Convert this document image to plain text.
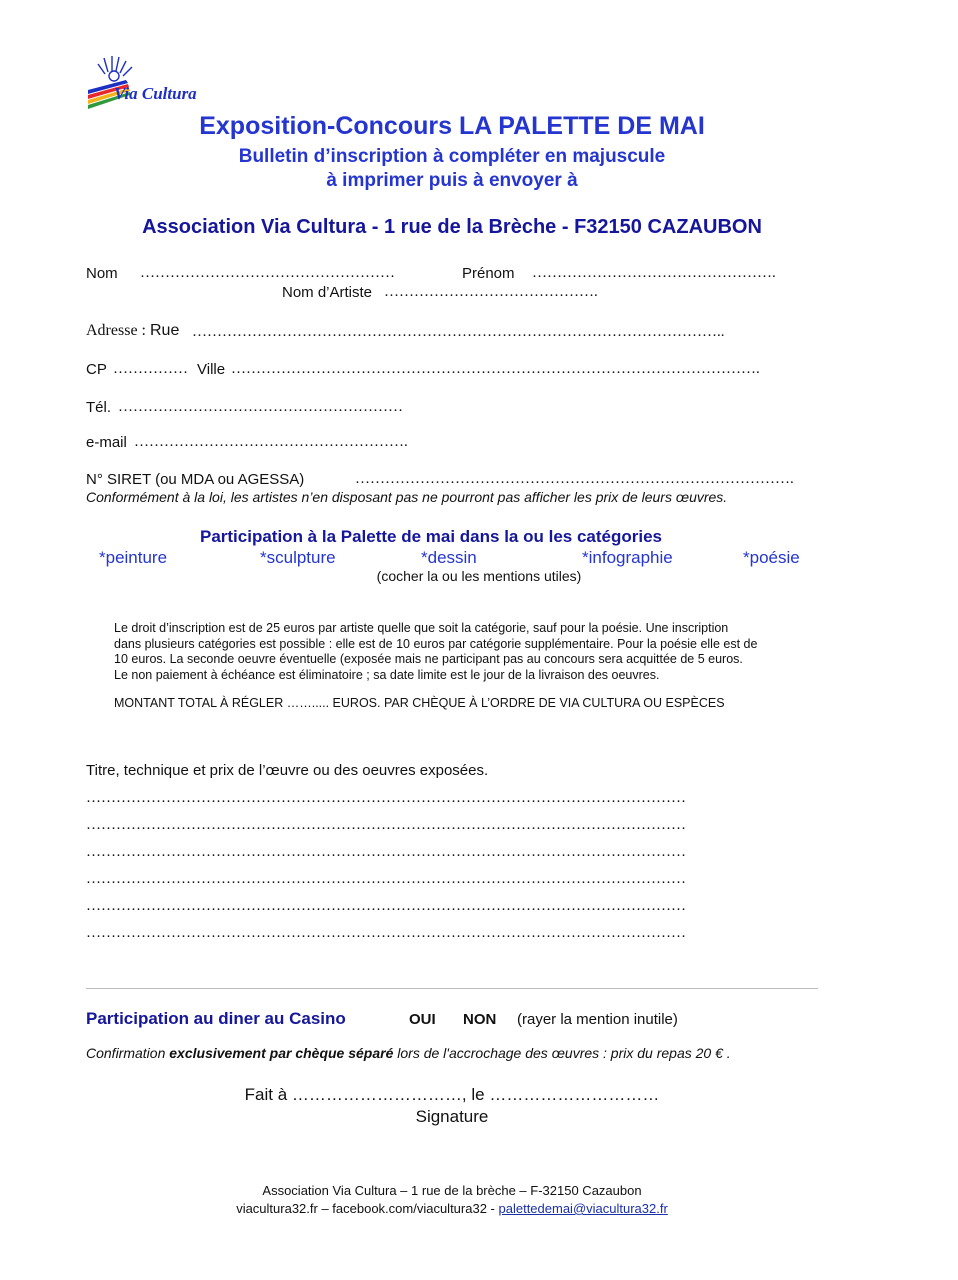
Via Cultura
Exposition-Concours LA PALETTE DE MAI
Bulletin d’inscription à compléter en majuscule
à imprimer puis à envoyer à
Association Via Cultura - 1 rue de la Brèche - F32150 CAZAUBON
Nom ……………………………………………	Prénom ………………………………………….
Nom d’Artiste …………………………………….
Adresse : Rue ……………………………………………………………………………………………..
CP …………… Ville …………………………………………………………………………………………….
Tél. …………………………………………………
e-mail ……………………………………………….
N° SIRET (ou MDA ou AGESSA)	…………………………………………………………………………….
Conformément à la loi, les artistes n’en disposant pas ne pourront pas afficher les prix de leurs œuvres.
Participation à la Palette de mai dans la ou les catégories
*peinture	*sculpture	*dessin	*infographie	*poésie
(cocher la ou les mentions utiles)
Le droit d’inscription est de 25 euros par artiste quelle que soit la catégorie, sauf pour la poésie. Une inscription
dans plusieurs catégories est possible : elle est de 10 euros par catégorie supplémentaire. Pour la poésie elle est de
10 euros. La seconde oeuvre éventuelle (exposée mais ne participant pas au concours sera acquittée de 5 euros.
Le non paiement à échéance est éliminatoire ; sa date limite est le jour de la livraison des oeuvres.
MONTANT TOTAL À RÉGLER ……..... EUROS. PAR CHÈQUE À L’ORDRE DE VIA CULTURA OU ESPÈCES
Titre, technique et prix de l’œuvre ou des oeuvres exposées.
…………………………………………………………………………………………………………
…………………………………………………………………………………………………………
…………………………………………………………………………………………………………
…………………………………………………………………………………………………………
…………………………………………………………………………………………………………
…………………………………………………………………………………………………………
Participation au diner au Casino	OUI NON (rayer la mention inutile)
Confirmation exclusivement par chèque séparé lors de l'accrochage des œuvres : prix du repas 20 € .
Fait à …………………………, le …………………………
Signature
Association Via Cultura – 1 rue de la brèche – F-32150 Cazaubon
viacultura32.fr – facebook.com/viacultura32 - palettedemai@viacultura32.fr
